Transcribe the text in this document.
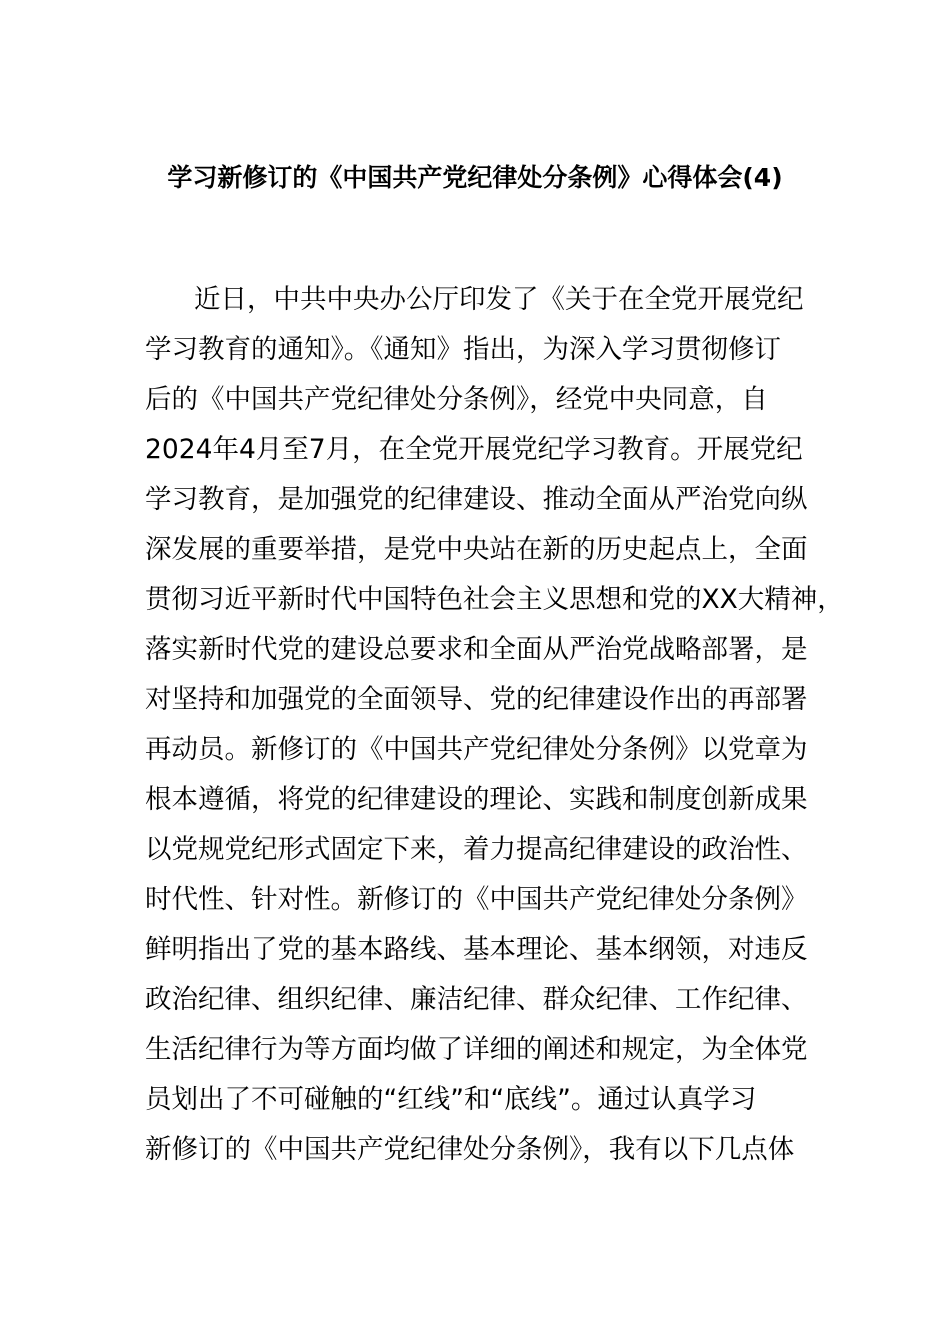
学习新修订的《中国共产党纪律处分条例》心得体会(4)
近日，中共中央办公厅印发了《关于在全党开展党纪
学习教育的通知》。《通知》指出，为深入学习贯彻修订
后的《中国共产党纪律处分条例》，经党中央同意，自
2024年4月至7月，在全党开展党纪学习教育。开展党纪
学习教育，是加强党的纪律建设、推动全面从严治党向纵
深发展的重要举措，是党中央站在新的历史起点上，全面
贯彻习近平新时代中国特色社会主义思想和党的XX大精神，
落实新时代党的建设总要求和全面从严治党战略部署，是
对坚持和加强党的全面领导、党的纪律建设作出的再部署
再动员。新修订的《中国共产党纪律处分条例》以党章为
根本遵循，将党的纪律建设的理论、实践和制度创新成果
以党规党纪形式固定下来，着力提高纪律建设的政治性、
时代性、针对性。新修订的《中国共产党纪律处分条例》
鲜明指出了党的基本路线、基本理论、基本纲领，对违反
政治纪律、组织纪律、廉洁纪律、群众纪律、工作纪律、
生活纪律行为等方面均做了详细的阐述和规定，为全体党
员划出了不可碰触的“红线”和“底线”。通过认真学习
新修订的《中国共产党纪律处分条例》，我有以下几点体
